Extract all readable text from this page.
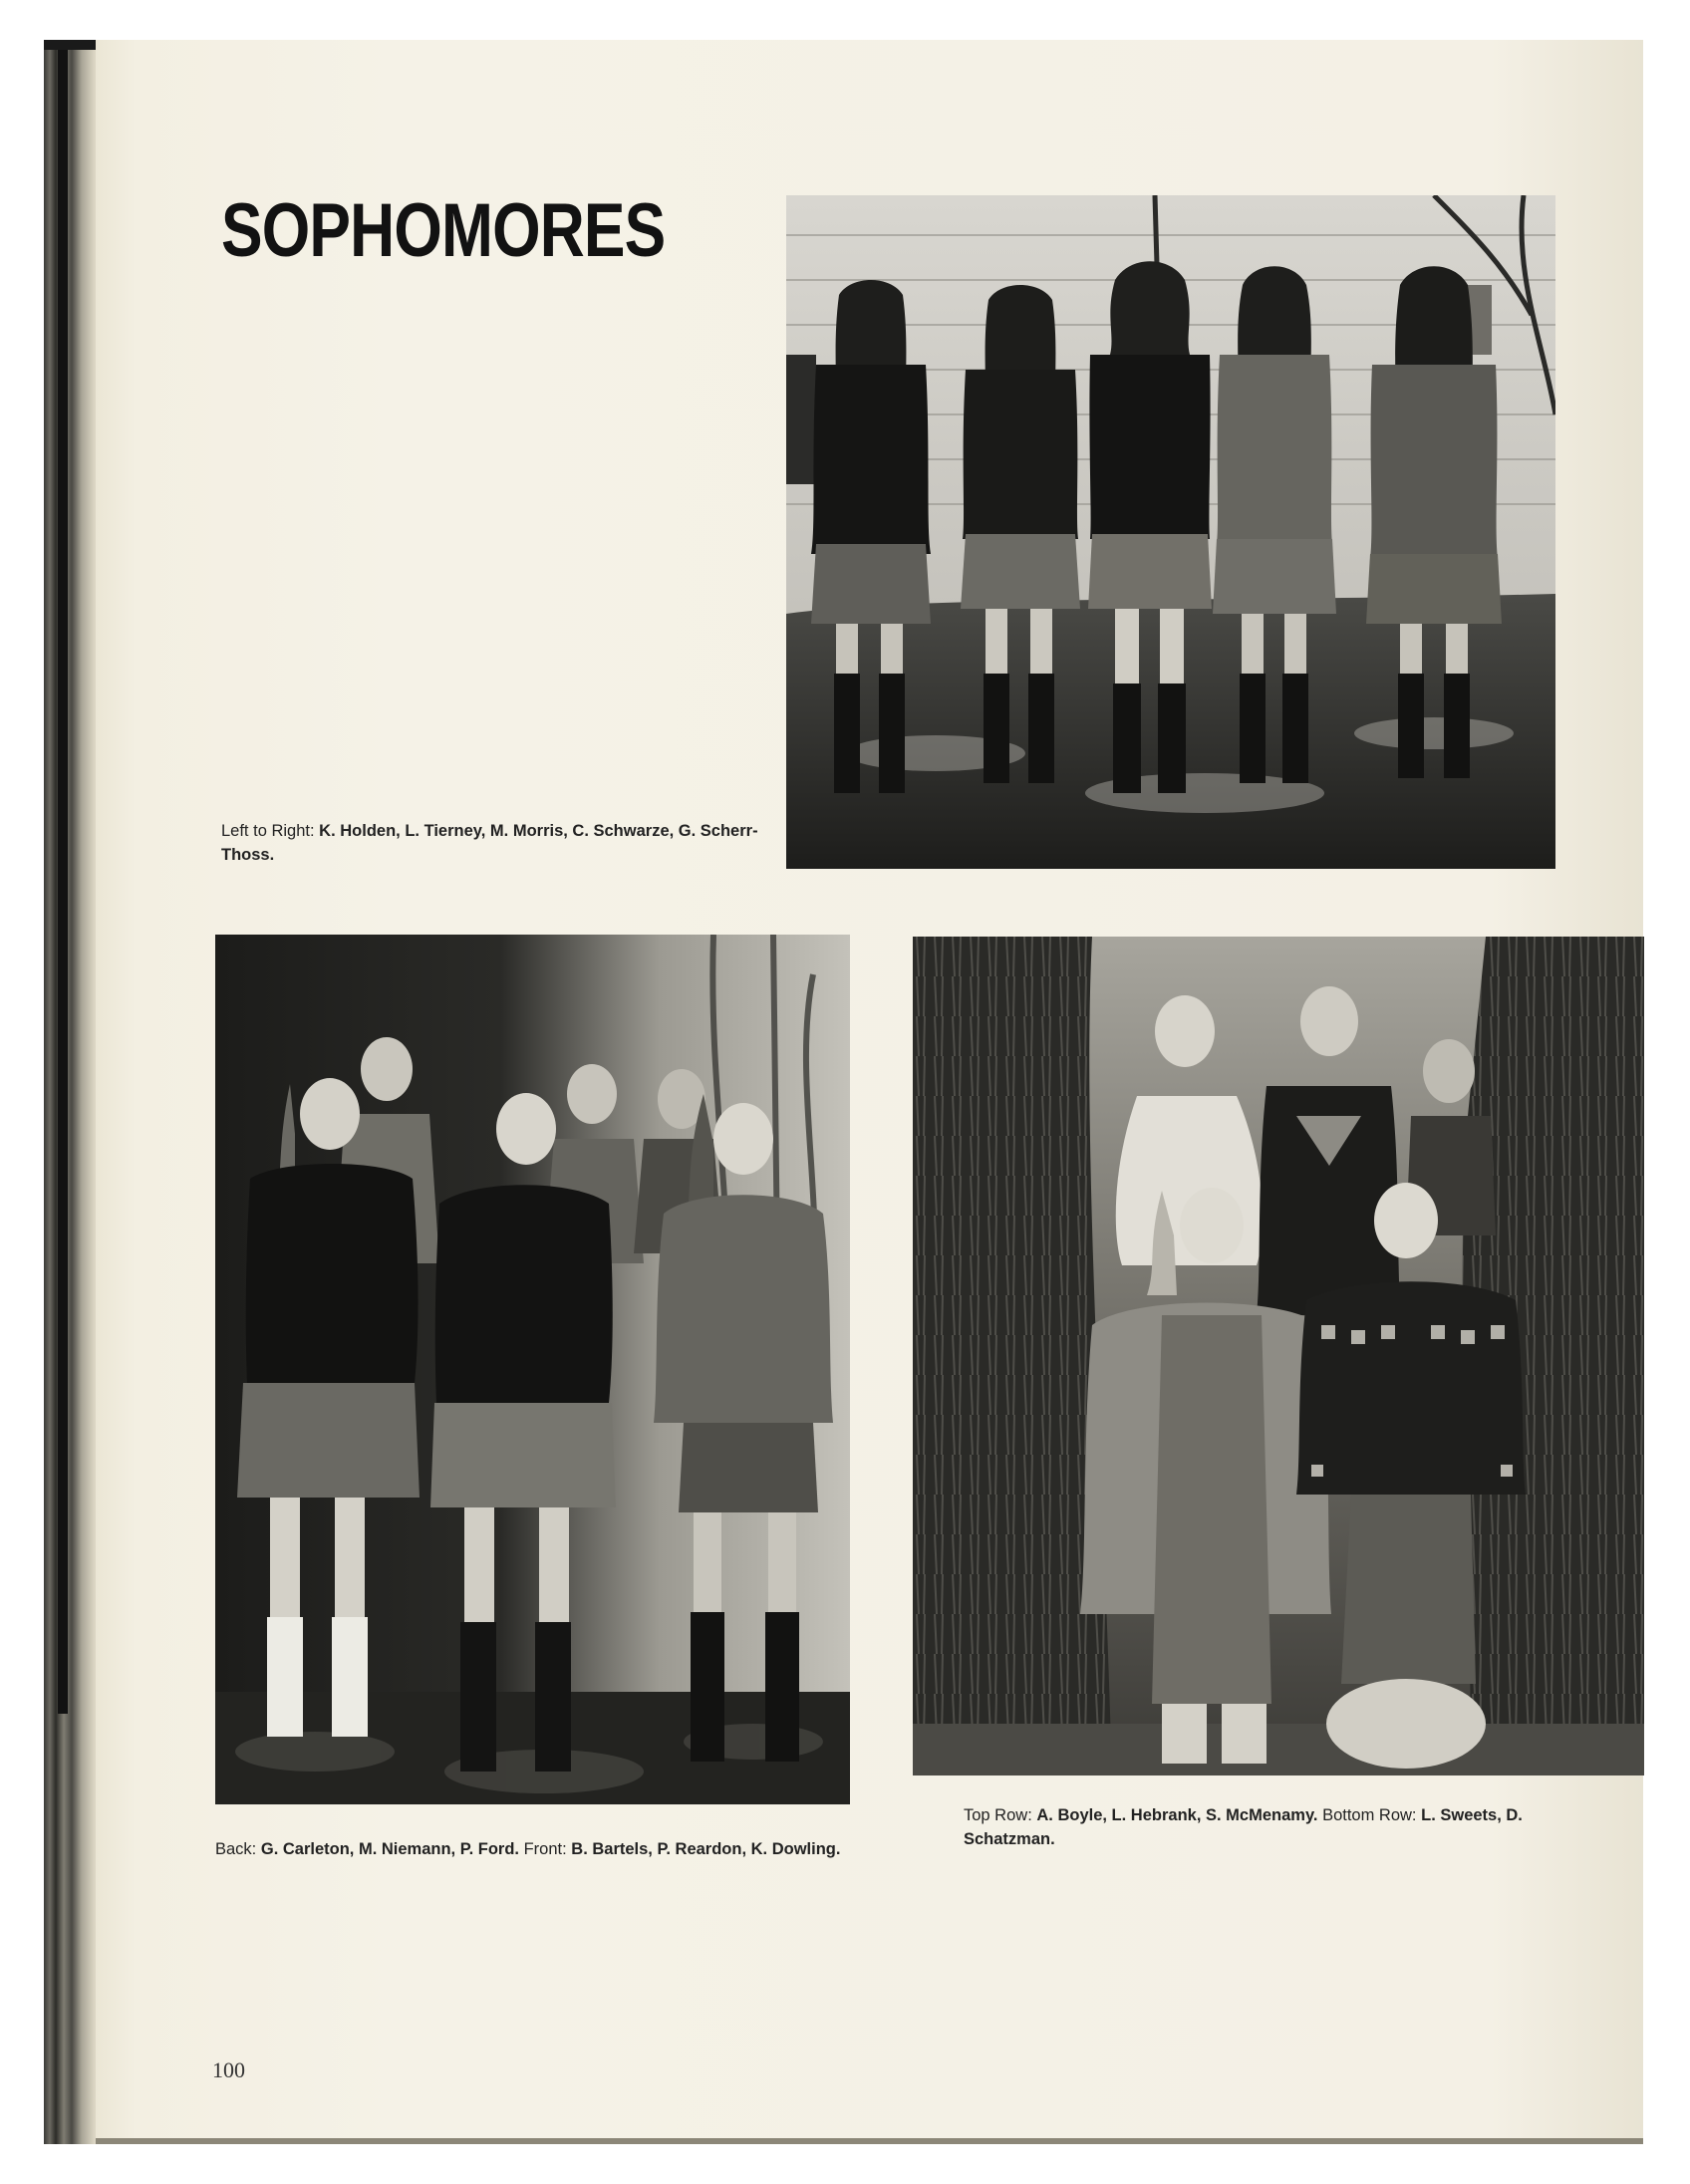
SOPHOMORES
Left to Right: K. Holden, L. Tierney, M. Morris, C. Schwarze, G. Scherr-Thoss.
Back: G. Carleton, M. Niemann, P. Ford. Front: B. Bartels, P. Reardon, K. Dowling.
Top Row: A. Boyle, L. Hebrank, S. McMenamy. Bottom Row: L. Sweets, D. Schatzman.
100
